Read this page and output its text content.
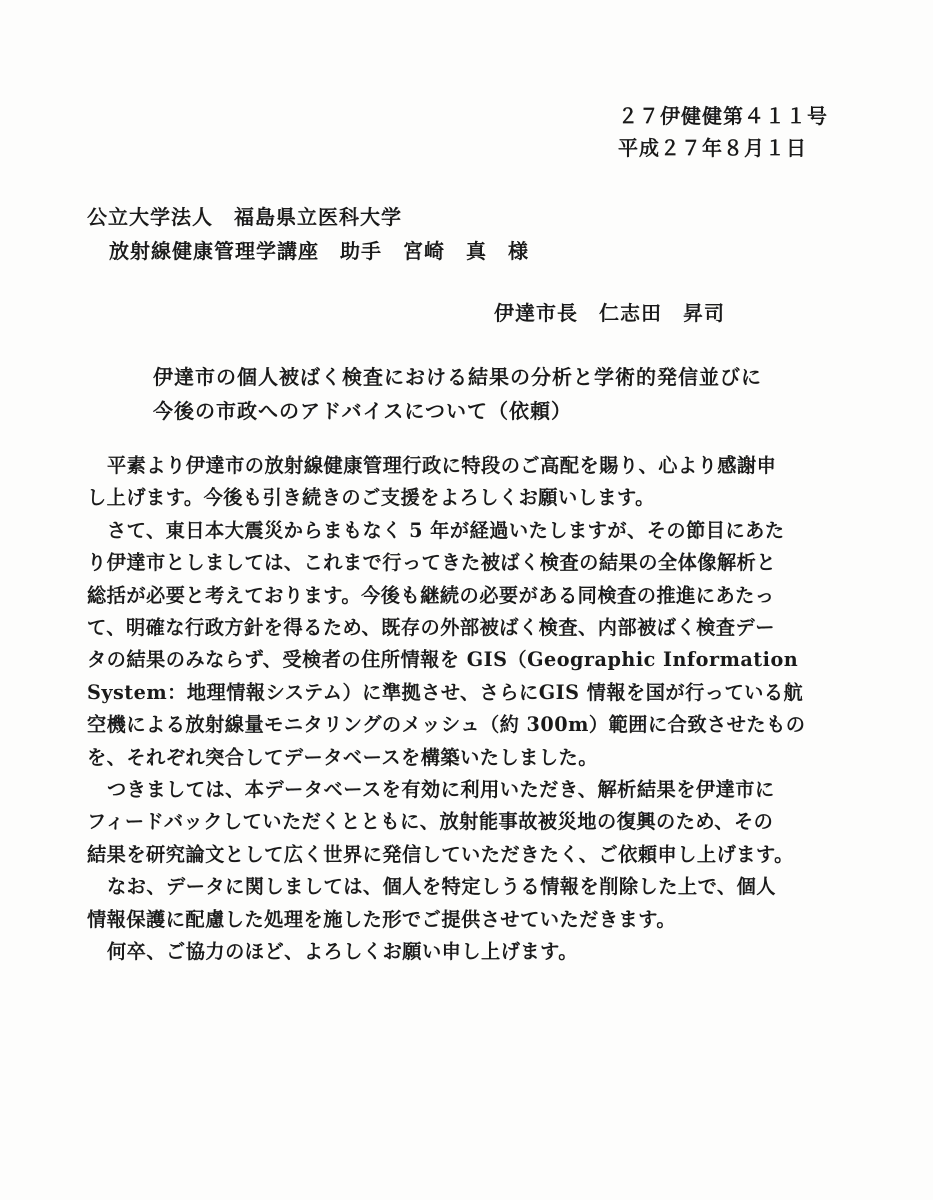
２７伊健健第４１１号
平成２７年８月１日
公立大学法人　福島県立医科大学
放射線健康管理学講座　助手　宮崎　真　様
伊達市長　仁志田　昇司
伊達市の個人被ばく検査における結果の分析と学術的発信並びに
今後の市政へのアドバイスについて（依頼）
平素より伊達市の放射線健康管理行政に特段のご高配を賜り、心より感謝申
し上げます。今後も引き続きのご支援をよろしくお願いします。
さて、東日本大震災からまもなく 5 年が経過いたしますが、その節目にあた
り伊達市としましては、これまで行ってきた被ばく検査の結果の全体像解析と
総括が必要と考えております。今後も継続の必要がある同検査の推進にあたっ
て、明確な行政方針を得るため、既存の外部被ばく検査、内部被ばく検査デー
タの結果のみならず、受検者の住所情報を GIS（Geographic Information
System：地理情報システム）に準拠させ、さらにGIS 情報を国が行っている航
空機による放射線量モニタリングのメッシュ（約 300m）範囲に合致させたもの
を、それぞれ突合してデータベースを構築いたしました。
つきましては、本データベースを有効に利用いただき、解析結果を伊達市に
フィードバックしていただくとともに、放射能事故被災地の復興のため、その
結果を研究論文として広く世界に発信していただきたく、ご依頼申し上げます。
なお、データに関しましては、個人を特定しうる情報を削除した上で、個人
情報保護に配慮した処理を施した形でご提供させていただきます。
何卒、ご協力のほど、よろしくお願い申し上げます。
